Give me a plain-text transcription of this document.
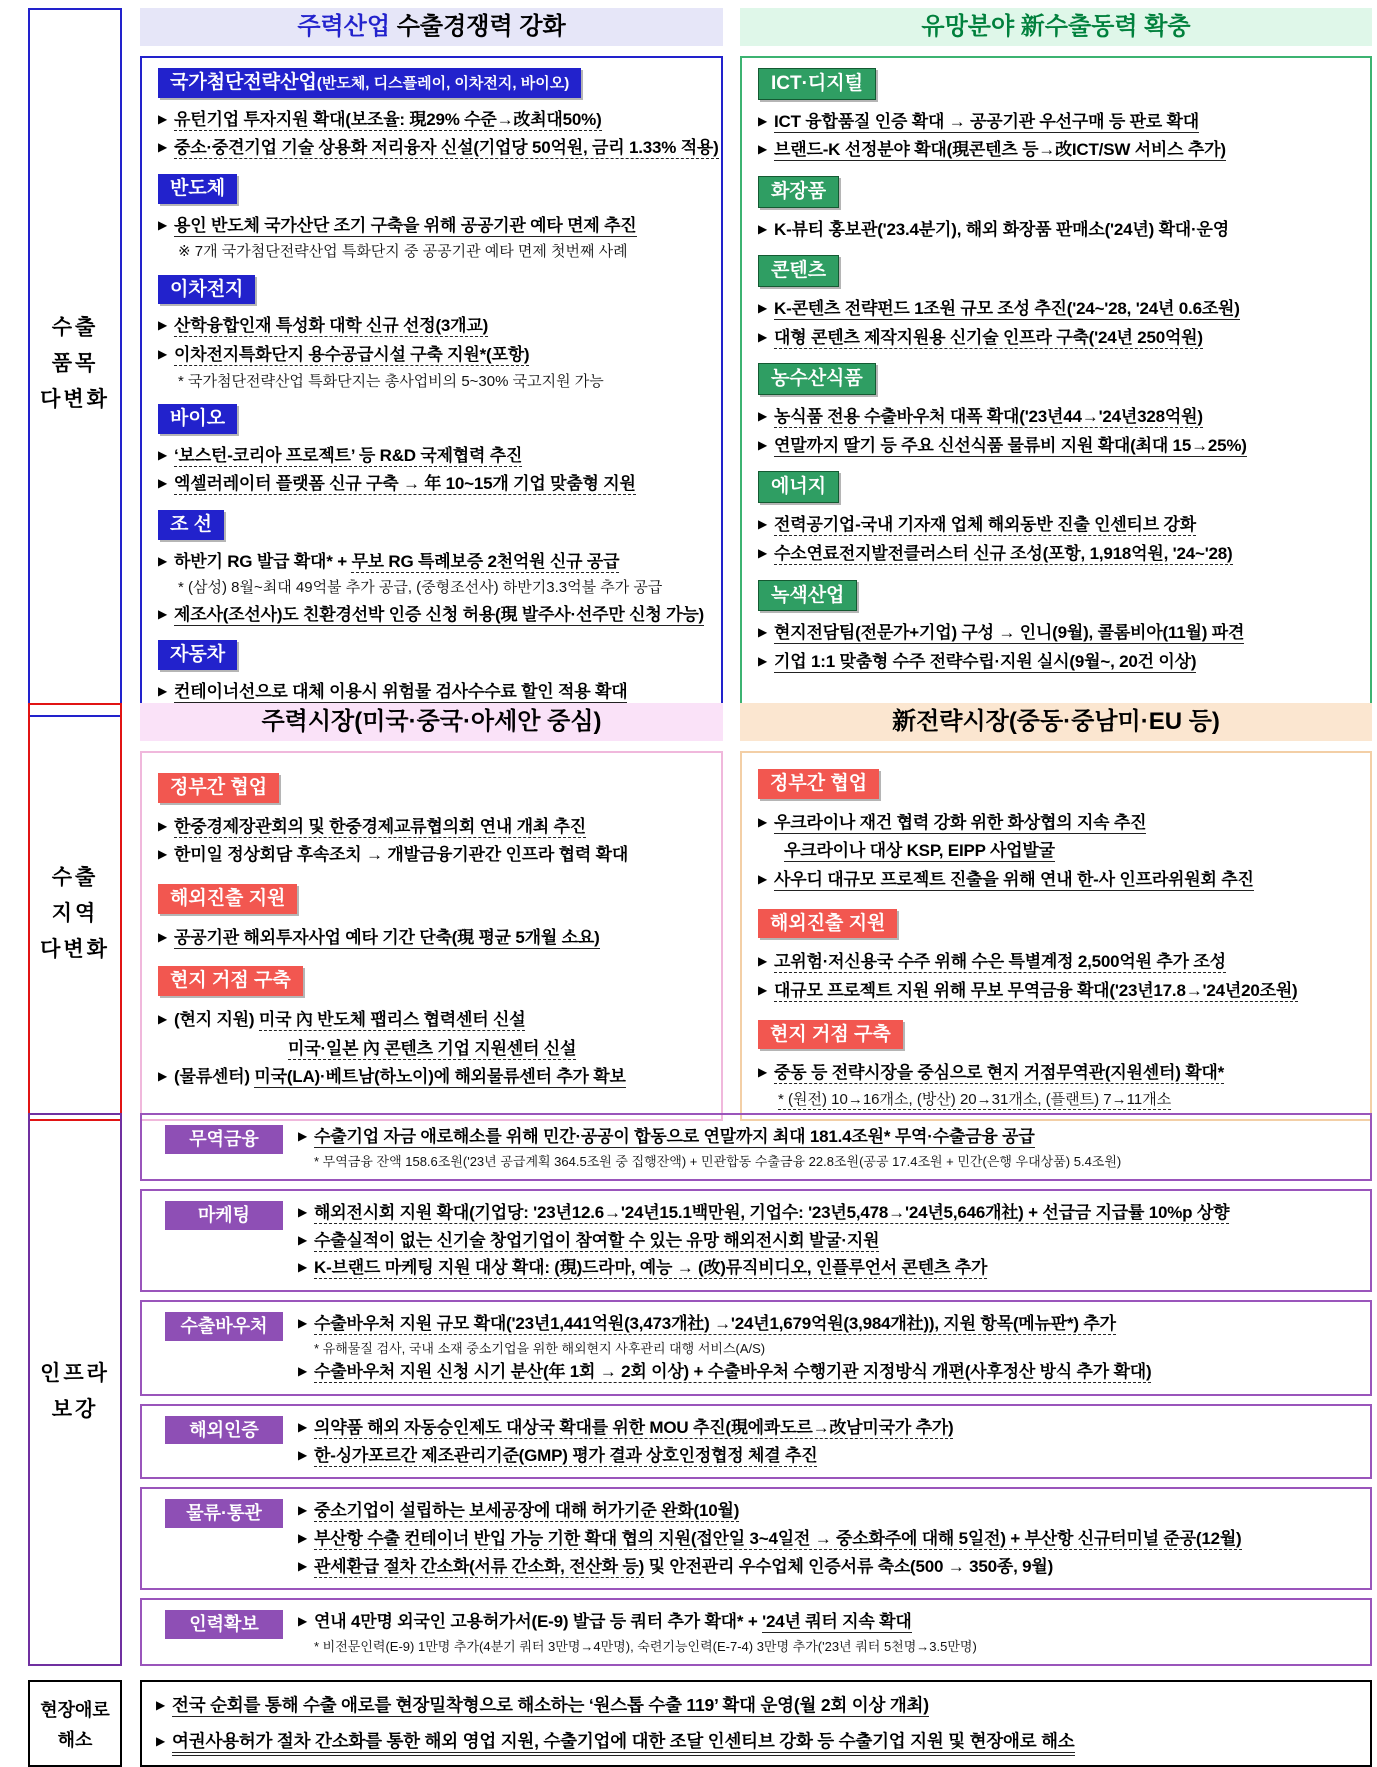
수출
품목
다변화
주력산업 수출경쟁력 강화
국가첨단전략산업(반도체, 디스플레이, 이차전지, 바이오)
▶ 유턴기업 투자지원 확대(보조율: 現29% 수준→改최대50%)
▶ 중소·중견기업 기술 상용화 저리융자 신설(기업당 50억원, 금리 1.33% 적용)
반도체
▶ 용인 반도체 국가산단 조기 구축을 위해 공공기관 예타 면제 추진
※ 7개 국가첨단전략산업 특화단지 중 공공기관 예타 면제 첫번째 사례
이차전지
▶ 산학융합인재 특성화 대학 신규 선정(3개교)
▶ 이차전지특화단지 용수공급시설 구축 지원*(포항)
* 국가첨단전략산업 특화단지는 총사업비의 5~30% 국고지원 가능
바이오
▶ ‘보스턴-코리아 프로젝트’ 등 R&D 국제협력 추진
▶ 엑셀러레이터 플랫폼 신규 구축 → 年 10~15개 기업 맞춤형 지원
조 선
▶ 하반기 RG 발급 확대* + 무보 RG 특례보증 2천억원 신규 공급
* (삼성) 8월~최대 49억불 추가 공급, (중형조선사) 하반기3.3억불 추가 공급
▶ 제조사(조선사)도 친환경선박 인증 신청 허용(現 발주사·선주만 신청 가능)
자동차
▶ 컨테이너선으로 대체 이용시 위험물 검사수수료 할인 적용 확대
유망분야 新수출동력 확충
ICT·디지털
▶ ICT 융합품질 인증 확대 → 공공기관 우선구매 등 판로 확대
▶ 브랜드-K 선정분야 확대(現콘텐츠 등→改ICT/SW 서비스 추가)
화장품
▶ K-뷰티 홍보관('23.4분기), 해외 화장품 판매소('24년) 확대·운영
콘텐츠
▶ K-콘텐츠 전략펀드 1조원 규모 조성 추진('24~'28, '24년 0.6조원)
▶ 대형 콘텐츠 제작지원용 신기술 인프라 구축('24년 250억원)
농수산식품
▶ 농식품 전용 수출바우처 대폭 확대('23년44→'24년328억원)
▶ 연말까지 딸기 등 주요 신선식품 물류비 지원 확대(최대 15→25%)
에너지
▶ 전력공기업-국내 기자재 업체 해외동반 진출 인센티브 강화
▶ 수소연료전지발전클러스터 신규 조성(포항, 1,918억원, '24~'28)
녹색산업
▶ 현지전담팀(전문가+기업) 구성 → 인니(9월), 콜롬비아(11월) 파견
▶ 기업 1:1 맞춤형 수주 전략수립·지원 실시(9월~, 20건 이상)
수출
지역
다변화
주력시장(미국·중국·아세안 중심)
정부간 협업
▶ 한중경제장관회의 및 한중경제교류협의회 연내 개최 추진
▶ 한미일 정상회담 후속조치 → 개발금융기관간 인프라 협력 확대
해외진출 지원
▶ 공공기관 해외투자사업 예타 기간 단축(現 평균 5개월 소요)
현지 거점 구축
▶ (현지 지원) 미국 內 반도체 팹리스 협력센터 신설
미국·일본 內 콘텐츠 기업 지원센터 신설
▶ (물류센터) 미국(LA)·베트남(하노이)에 해외물류센터 추가 확보
新전략시장(중동·중남미·EU 등)
정부간 협업
▶ 우크라이나 재건 협력 강화 위한 화상협의 지속 추진
우크라이나 대상 KSP, EIPP 사업발굴
▶ 사우디 대규모 프로젝트 진출을 위해 연내 한-사 인프라위원회 추진
해외진출 지원
▶ 고위험·저신용국 수주 위해 수은 특별계정 2,500억원 추가 조성
▶ 대규모 프로젝트 지원 위해 무보 무역금융 확대('23년17.8→'24년20조원)
현지 거점 구축
▶ 중동 등 전략시장을 중심으로 현지 거점무역관(지원센터) 확대*
* (원전) 10→16개소, (방산) 20→31개소, (플랜트) 7→11개소
인프라
보강
무역금융	▶ 수출기업 자금 애로해소를 위해 민간·공공이 합동으로 연말까지 최대 181.4조원* 무역·수출금융 공급
* 무역금융 잔액 158.6조원('23년 공급계획 364.5조원 중 집행잔액) + 민관합동 수출금융 22.8조원(공공 17.4조원 + 민간(은행 우대상품) 5.4조원)
마케팅	▶ 해외전시회 지원 확대(기업당: '23년12.6→'24년15.1백만원, 기업수: '23년5,478→'24년5,646개社) + 선급금 지급률 10%p 상향
▶ 수출실적이 없는 신기술 창업기업이 참여할 수 있는 유망 해외전시회 발굴·지원
▶ K-브랜드 마케팅 지원 대상 확대: (現)드라마, 예능 → (改)뮤직비디오, 인플루언서 콘텐츠 추가
수출바우처	▶ 수출바우처 지원 규모 확대('23년1,441억원(3,473개社) →'24년1,679억원(3,984개社)), 지원 항목(메뉴판*) 추가
* 유해물질 검사, 국내 소재 중소기업을 위한 해외현지 사후관리 대행 서비스(A/S)
▶ 수출바우처 지원 신청 시기 분산(年 1회 → 2회 이상) + 수출바우처 수행기관 지정방식 개편(사후정산 방식 추가 확대)
해외인증	▶ 의약품 해외 자동승인제도 대상국 확대를 위한 MOU 추진(現에콰도르→改남미국가 추가)
▶ 한-싱가포르간 제조관리기준(GMP) 평가 결과 상호인정협정 체결 추진
물류·통관	▶ 중소기업이 설립하는 보세공장에 대해 허가기준 완화(10월)
▶ 부산항 수출 컨테이너 반입 가능 기한 확대 협의 지원(접안일 3~4일전 → 중소화주에 대해 5일전) + 부산항 신규터미널 준공(12월)
▶ 관세환급 절차 간소화(서류 간소화, 전산화 등) 및 안전관리 우수업체 인증서류 축소(500 → 350종, 9월)
인력확보	▶ 연내 4만명 외국인 고용허가서(E-9) 발급 등 쿼터 추가 확대* + '24년 쿼터 지속 확대
* 비전문인력(E-9) 1만명 추가(4분기 쿼터 3만명→4만명), 숙련기능인력(E-7-4) 3만명 추가('23년 쿼터 5천명→3.5만명)
현장애로
해소
▶ 전국 순회를 통해 수출 애로를 현장밀착형으로 해소하는 ‘원스톱 수출 119’ 확대 운영(월 2회 이상 개최)
▶ 여권사용허가 절차 간소화를 통한 해외 영업 지원, 수출기업에 대한 조달 인센티브 강화 등 수출기업 지원 및 현장애로 해소
